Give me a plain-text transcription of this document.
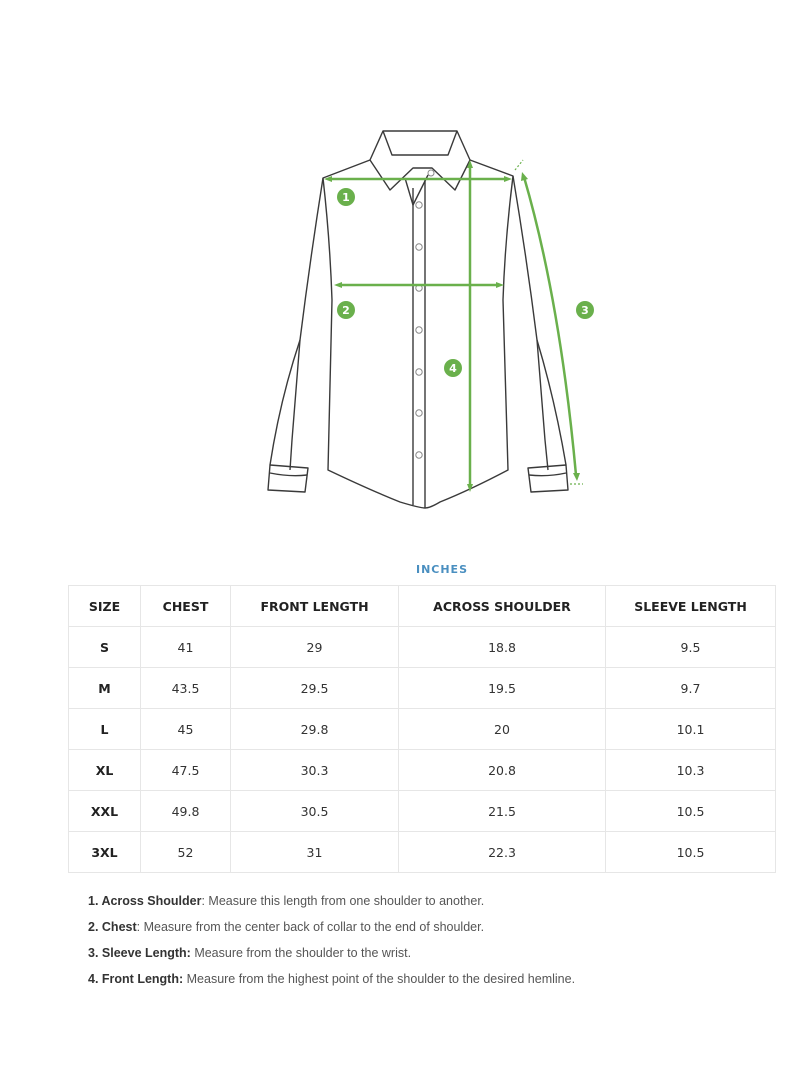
1
2	3
4
INCHES
SIZE	CHEST	FRONT LENGTH	ACROSS SHOULDER	SLEEVE LENGTH
S	41	29	18.8	9.5
M	43.5	29.5	19.5	9.7
L	45	29.8	20	10.1
XL	47.5	30.3	20.8	10.3
XXL	49.8	30.5	21.5	10.5
3XL	52	31	22.3	10.5
1. Across Shoulder: Measure this length from one shoulder to another.
2. Chest: Measure from the center back of collar to the end of shoulder.
3. Sleeve Length: Measure from the shoulder to the wrist.
4. Front Length: Measure from the highest point of the shoulder to the desired hemline.
